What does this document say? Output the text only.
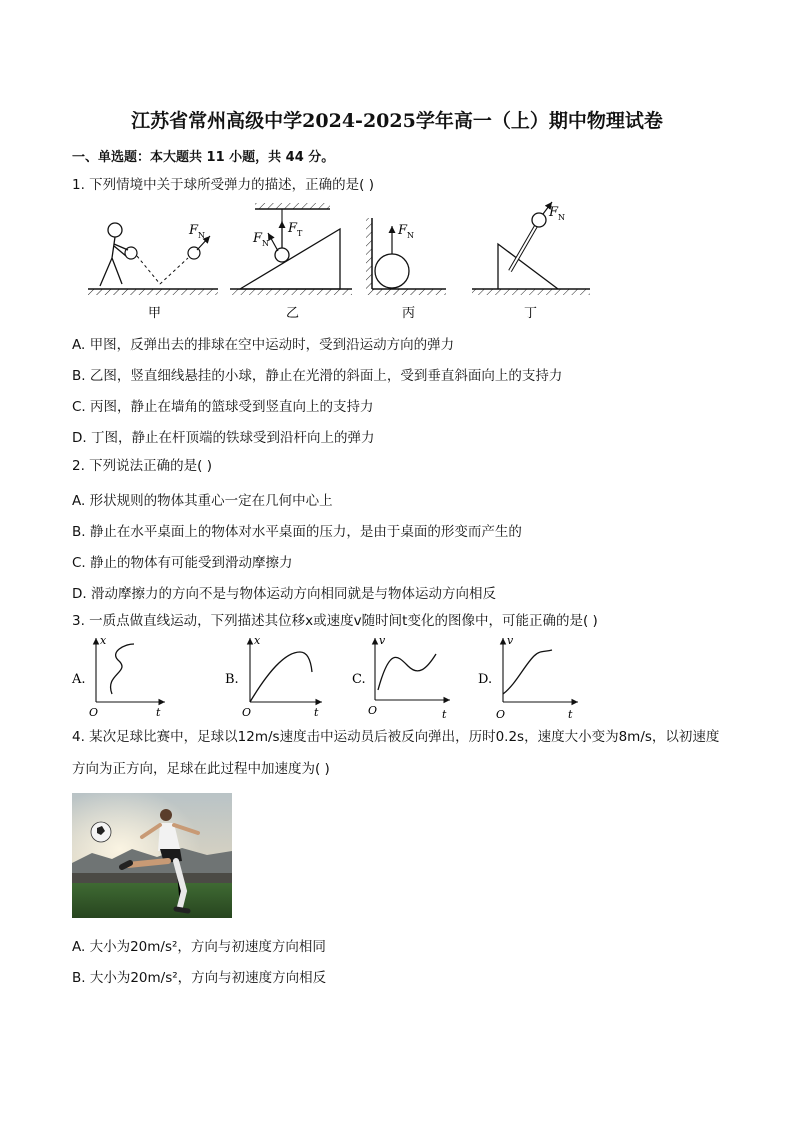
江苏省常州高级中学2024-2025学年高一（上）期中物理试卷
一、单选题：本大题共 11 小题，共 44 分。
1. 下列情境中关于球所受弹力的描述，正确的是( )
F N
甲
F T
F N
乙
F N
丙
F N
丁
A. 甲图，反弹出去的排球在空中运动时，受到沿运动方向的弹力
B. 乙图，竖直细线悬挂的小球，静止在光滑的斜面上，受到垂直斜面向上的支持力
C. 丙图，静止在墙角的篮球受到竖直向上的支持力
D. 丁图，静止在杆顶端的铁球受到沿杆向上的弹力
2. 下列说法正确的是( )
A. 形状规则的物体其重心一定在几何中心上
B. 静止在水平桌面上的物体对水平桌面的压力，是由于桌面的形变而产生的
C. 静止的物体有可能受到滑动摩擦力
D. 滑动摩擦力的方向不是与物体运动方向相同就是与物体运动方向相反
3. 一质点做直线运动，下列描述其位移x或速度v随时间t变化的图像中，可能正确的是( )
A.
x
O	t
B.
x
O	t
C.
v
O	t
D.
v
O	t
4. 某次足球比赛中，足球以12m/s速度击中运动员后被反向弹出，历时0.2s，速度大小变为8m/s，以初速度方向为正方向，足球在此过程中加速度为( )
A. 大小为20m/s²，方向与初速度方向相同
B. 大小为20m/s²，方向与初速度方向相反
